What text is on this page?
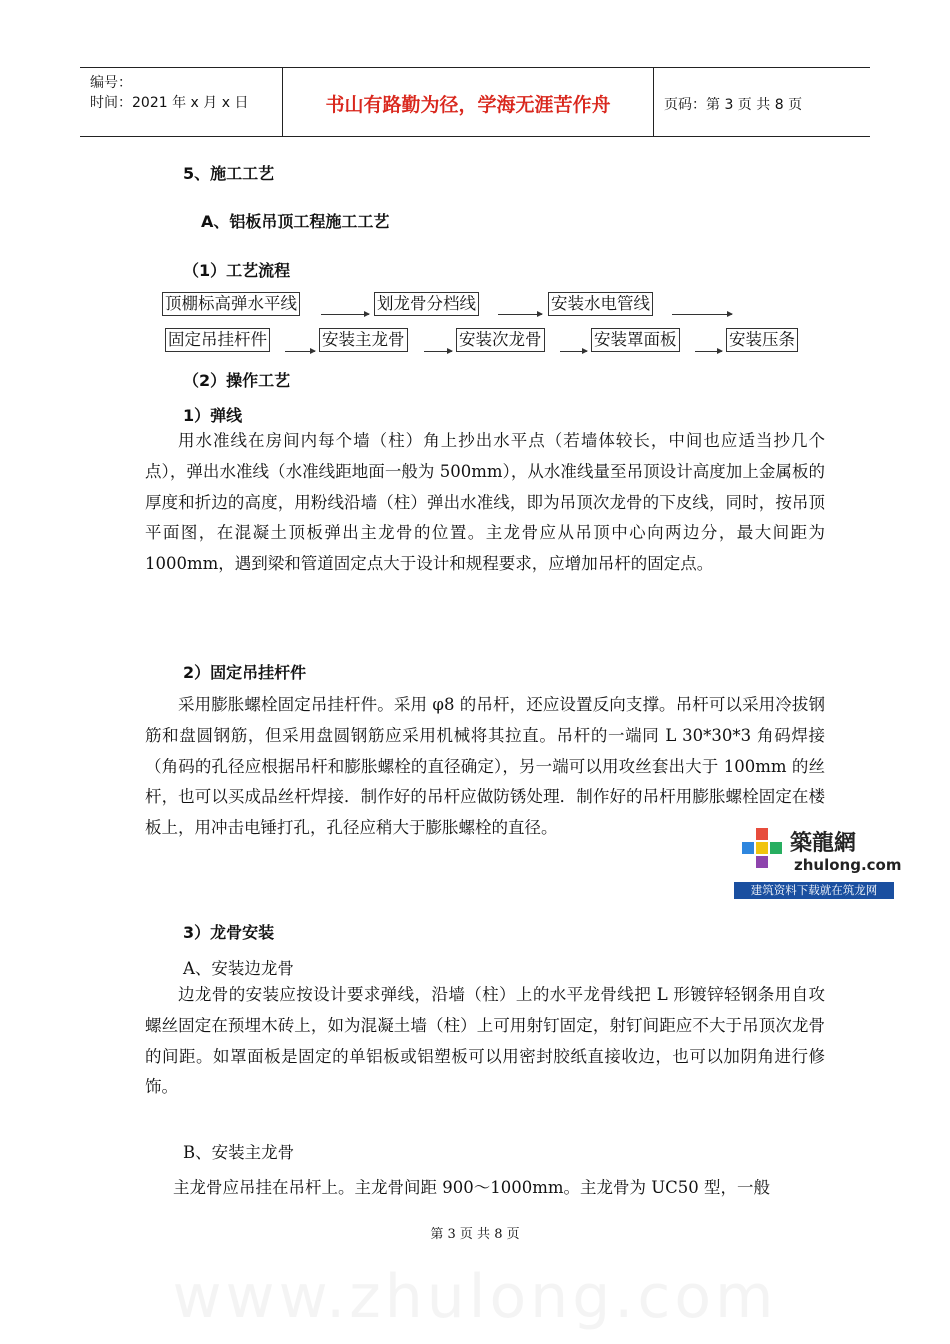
编号：
时间：2021 年 x 月 x 日	书山有路勤为径，学海无涯苦作舟	页码：第 3 页 共 8 页
5、施工工艺
A、铝板吊顶工程施工工艺
（1）工艺流程
顶棚标高弹水平线	划龙骨分档线	安装水电管线
固定吊挂杆件	安装主龙骨	安装次龙骨	安装罩面板	安装压条
（2）操作工艺
1）弹线

用水准线在房间内每个墙（柱）角上抄出水平点（若墙体较长，中间也应适当抄几个点），弹出水准线（水准线距地面一般为 500mm），从水准线量至吊顶设计高度加上金属板的厚度和折边的高度，用粉线沿墙（柱）弹出水准线，即为吊顶次龙骨的下皮线，同时，按吊顶平面图，在混凝土顶板弹出主龙骨的位置。主龙骨应从吊顶中心向两边分，最大间距为 1000mm，遇到梁和管道固定点大于设计和规程要求，应增加吊杆的固定点。

2）固定吊挂杆件

采用膨胀螺栓固定吊挂杆件。采用 φ8 的吊杆，还应设置反向支撑。吊杆可以采用冷拔钢筋和盘圆钢筋，但采用盘圆钢筋应采用机械将其拉直。吊杆的一端同 L 30*30*3 角码焊接（角码的孔径应根据吊杆和膨胀螺栓的直径确定），另一端可以用攻丝套出大于 100mm 的丝杆，也可以买成品丝杆焊接．制作好的吊杆应做防锈处理．制作好的吊杆用膨胀螺栓固定在楼板上，用冲击电锤打孔，孔径应稍大于膨胀螺栓的直径。

3）龙骨安装
A、安装边龙骨

边龙骨的安装应按设计要求弹线，沿墙（柱）上的水平龙骨线把 L 形镀锌轻钢条用自攻螺丝固定在预埋木砖上，如为混凝土墙（柱）上可用射钉固定，射钉间距应不大于吊顶次龙骨的间距。如罩面板是固定的单铝板或铝塑板可以用密封胶纸直接收边，也可以加阴角进行修饰。

B、安装主龙骨
主龙骨应吊挂在吊杆上。主龙骨间距 900～1000mm。主龙骨为 UC50 型，一般
築龍網
zhulong.com
建筑资料下载就在筑龙网
第 3 页 共 8 页
www.zhulong.com
